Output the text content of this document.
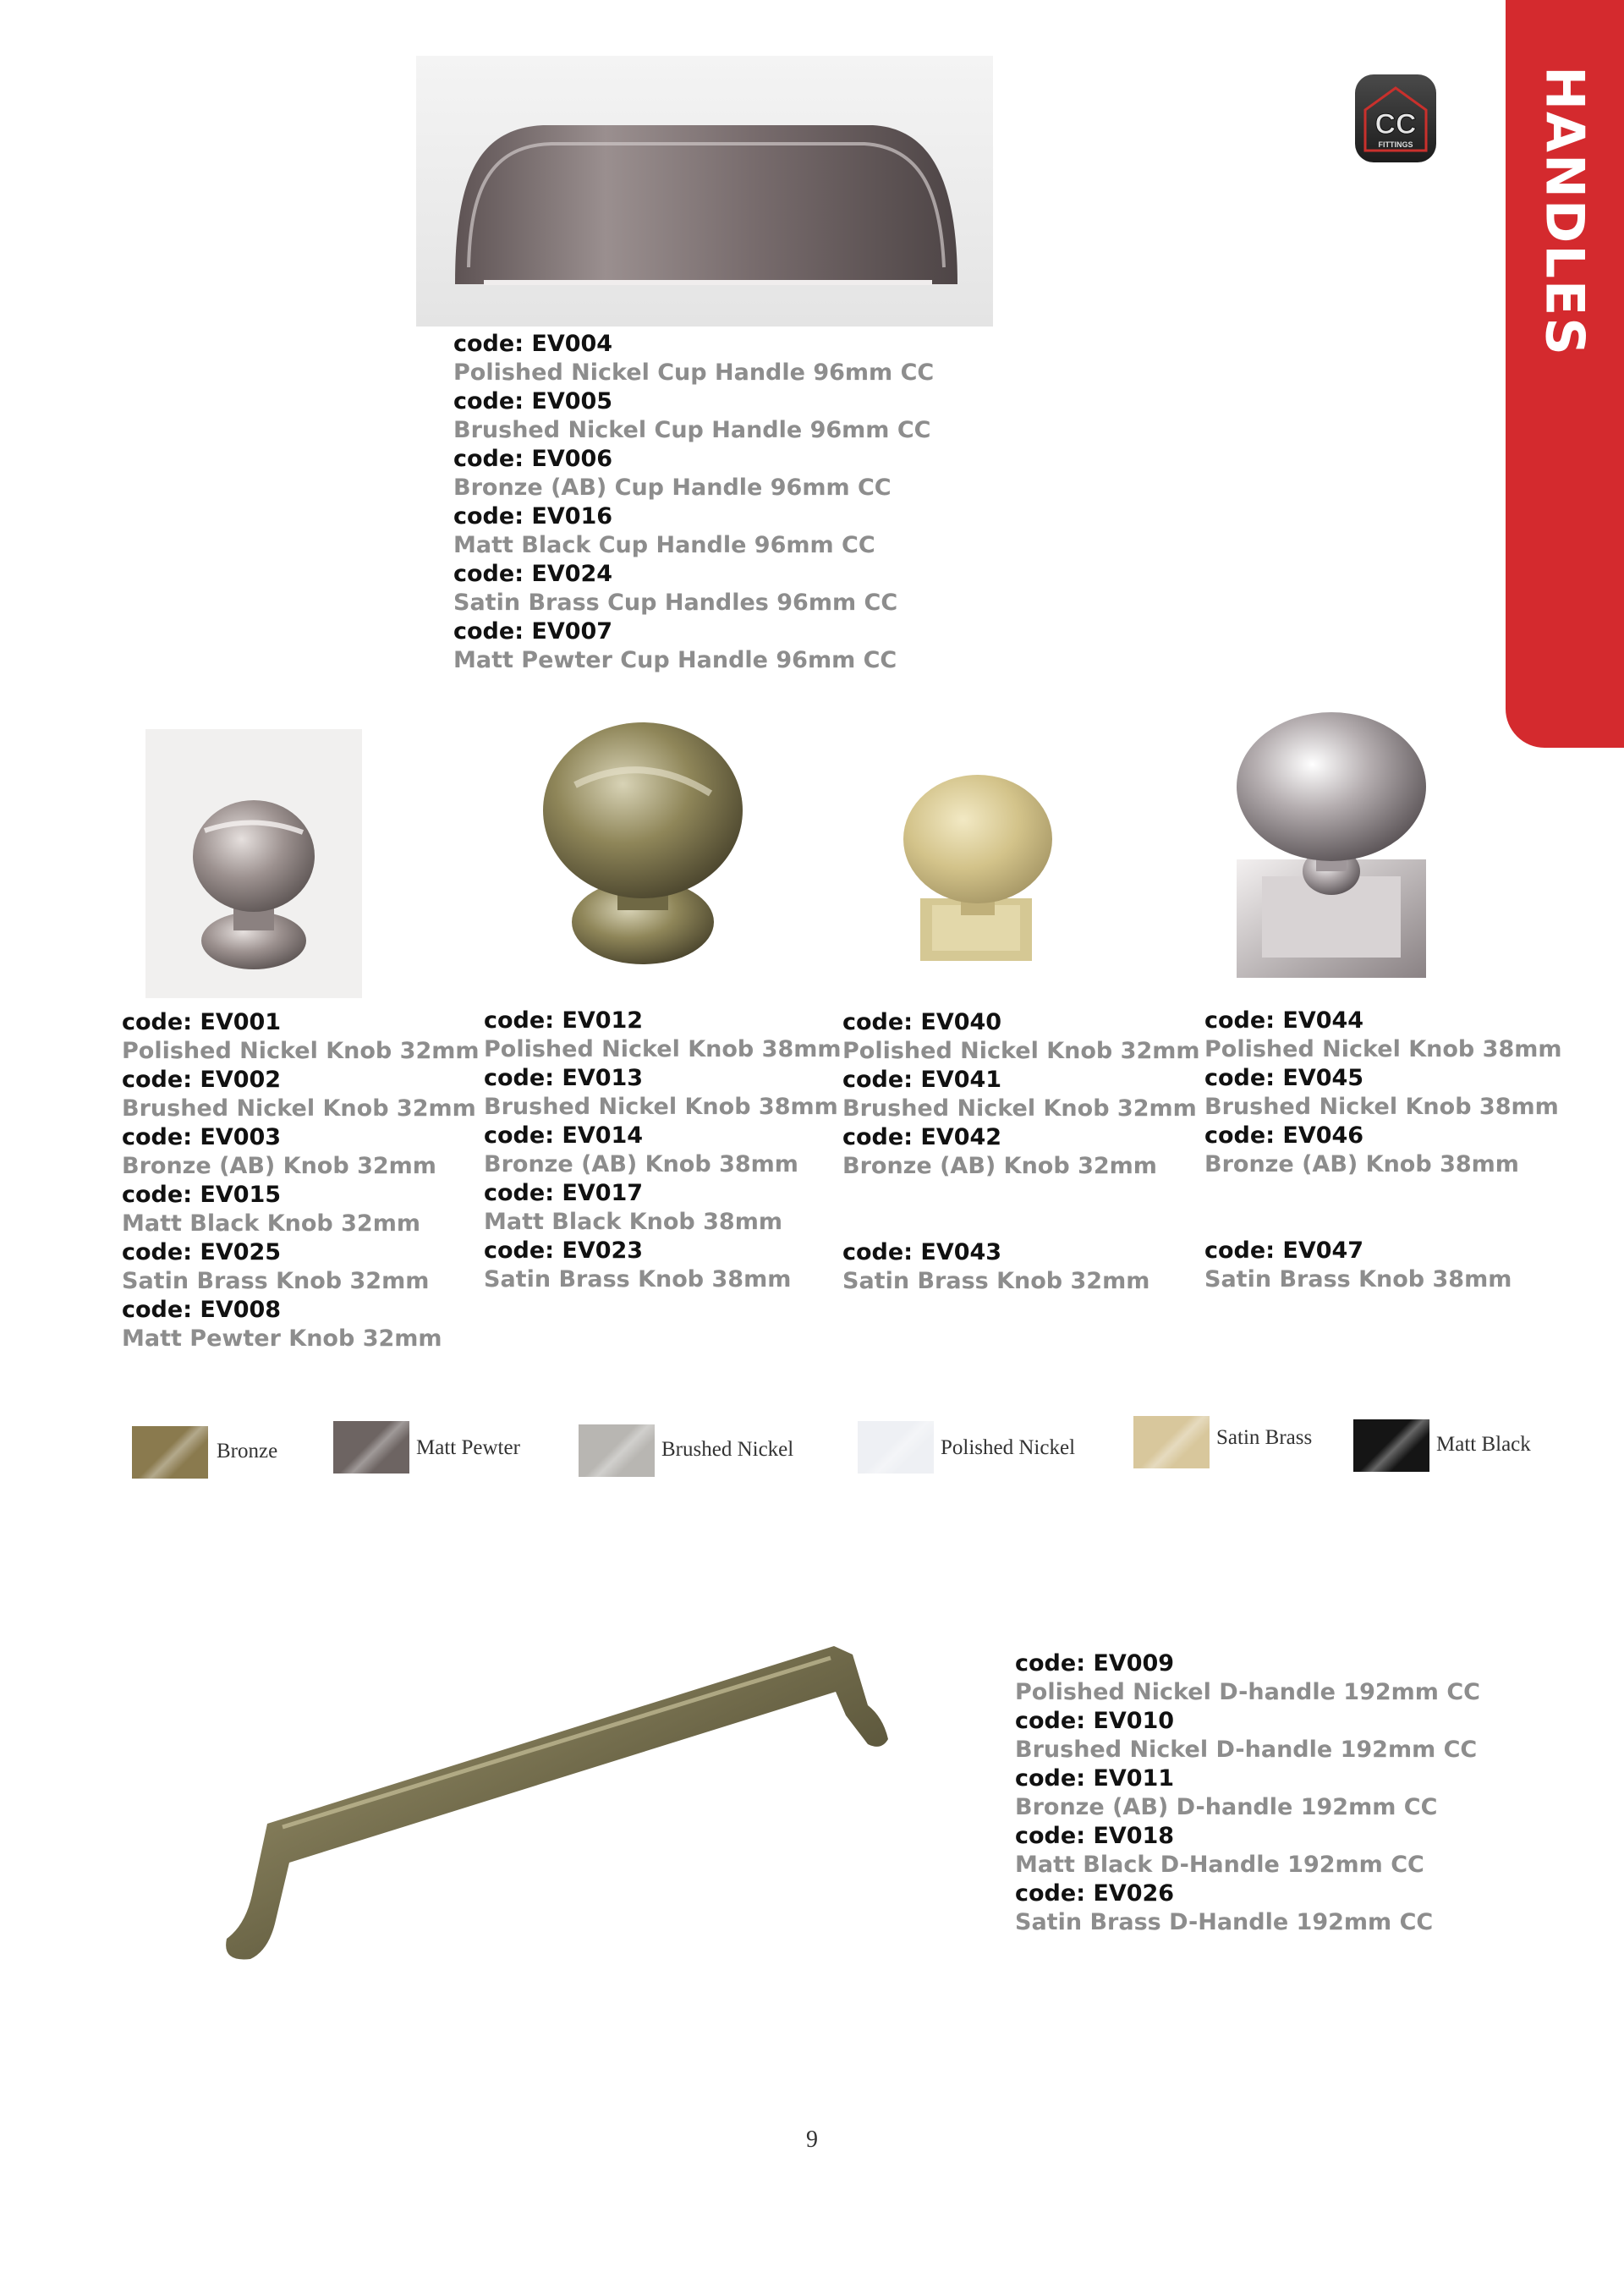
HANDLES
CC
FITTINGS
code: EV004
Polished Nickel Cup Handle 96mm CC
code: EV005
Brushed Nickel Cup Handle 96mm CC
code: EV006
Bronze (AB) Cup Handle 96mm CC
code: EV016
Matt Black Cup Handle 96mm CC
code: EV024
Satin Brass Cup Handles 96mm CC
code: EV007
Matt Pewter Cup Handle 96mm CC
code: EV001
Polished Nickel Knob 32mm
code: EV002
Brushed Nickel Knob 32mm
code: EV003
Bronze (AB) Knob 32mm
code: EV015
Matt Black Knob 32mm
code: EV025
Satin Brass Knob 32mm
code: EV008
Matt Pewter Knob 32mm
code: EV012
Polished Nickel Knob 38mm
code: EV013
Brushed Nickel Knob 38mm
code: EV014
Bronze (AB) Knob 38mm
code: EV017
Matt Black Knob 38mm
code: EV023
Satin Brass Knob 38mm
code: EV040
Polished Nickel Knob 32mm
code: EV041
Brushed Nickel Knob 32mm
code: EV042
Bronze (AB) Knob 32mm
code: EV043
Satin Brass Knob 32mm
code: EV044
Polished Nickel Knob 38mm
code: EV045
Brushed Nickel Knob 38mm
code: EV046
Bronze (AB) Knob 38mm
code: EV047
Satin Brass Knob 38mm
Bronze	Matt Pewter	Brushed Nickel	Polished Nickel	Satin Brass	Matt Black
code: EV009
Polished Nickel D-handle 192mm CC
code: EV010
Brushed Nickel D-handle 192mm CC
code: EV011
Bronze (AB) D-handle 192mm CC
code: EV018
Matt Black D-Handle 192mm CC
code: EV026
Satin Brass D-Handle 192mm CC
9
